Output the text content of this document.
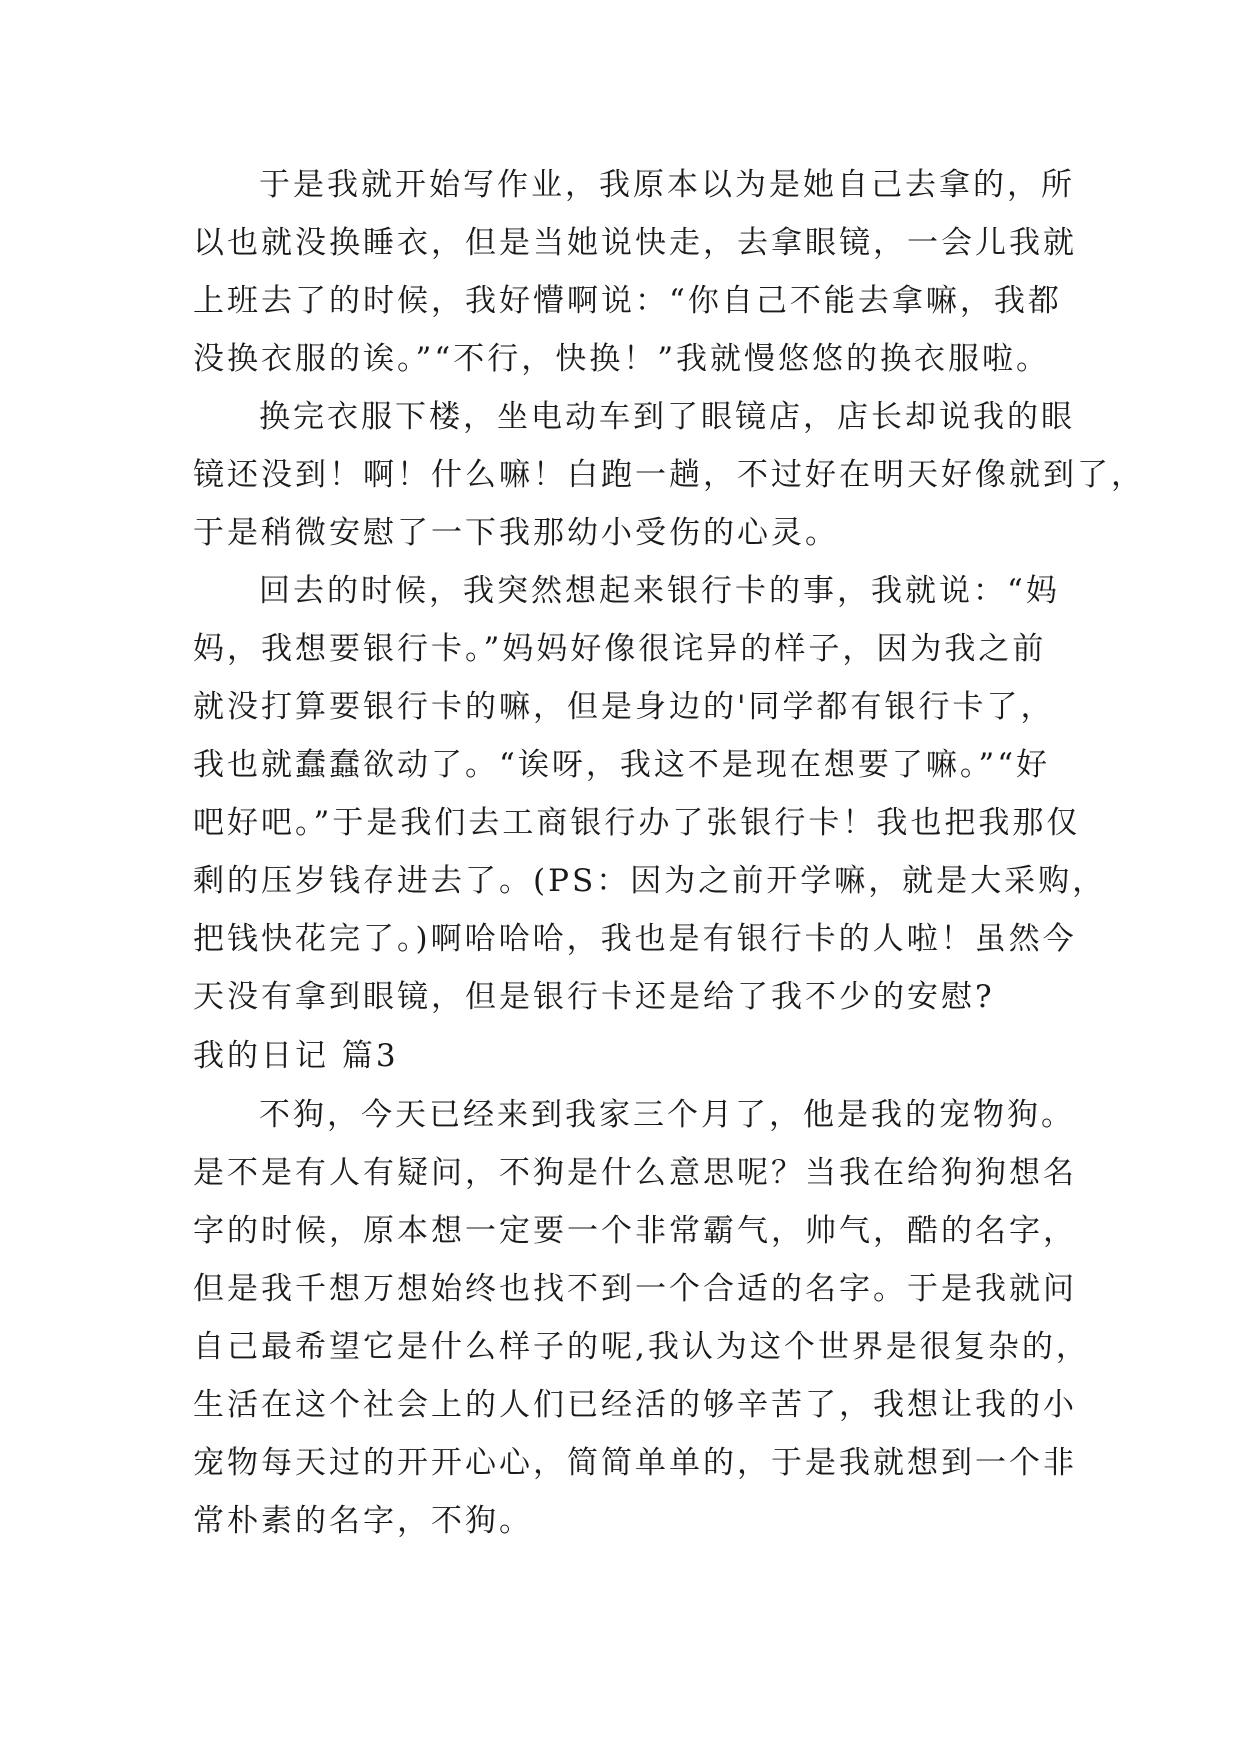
于是我就开始写作业，我原本以为是她自己去拿的，所
以也就没换睡衣，但是当她说快走，去拿眼镜，一会儿我就
上班去了的时候，我好懵啊说：“你自己不能去拿嘛，我都
没换衣服的诶。”“不行，快换！”我就慢悠悠的换衣服啦。
换完衣服下楼，坐电动车到了眼镜店，店长却说我的眼
镜还没到！啊！什么嘛！白跑一趟，不过好在明天好像就到了，
于是稍微安慰了一下我那幼小受伤的心灵。
回去的时候，我突然想起来银行卡的事，我就说：“妈
妈，我想要银行卡。”妈妈好像很诧异的样子，因为我之前
就没打算要银行卡的嘛，但是身边的'同学都有银行卡了，
我也就蠢蠢欲动了。“诶呀，我这不是现在想要了嘛。”“好
吧好吧。”于是我们去工商银行办了张银行卡！我也把我那仅
剩的压岁钱存进去了。(PS：因为之前开学嘛，就是大采购，
把钱快花完了。)啊哈哈哈，我也是有银行卡的人啦！虽然今
天没有拿到眼镜，但是银行卡还是给了我不少的安慰?
我的日记 篇3
不狗，今天已经来到我家三个月了，他是我的宠物狗。
是不是有人有疑问，不狗是什么意思呢？当我在给狗狗想名
字的时候，原本想一定要一个非常霸气，帅气，酷的名字，
但是我千想万想始终也找不到一个合适的名字。于是我就问
自己最希望它是什么样子的呢,我认为这个世界是很复杂的，
生活在这个社会上的人们已经活的够辛苦了，我想让我的小
宠物每天过的开开心心，简简单单的，于是我就想到一个非
常朴素的名字，不狗。
